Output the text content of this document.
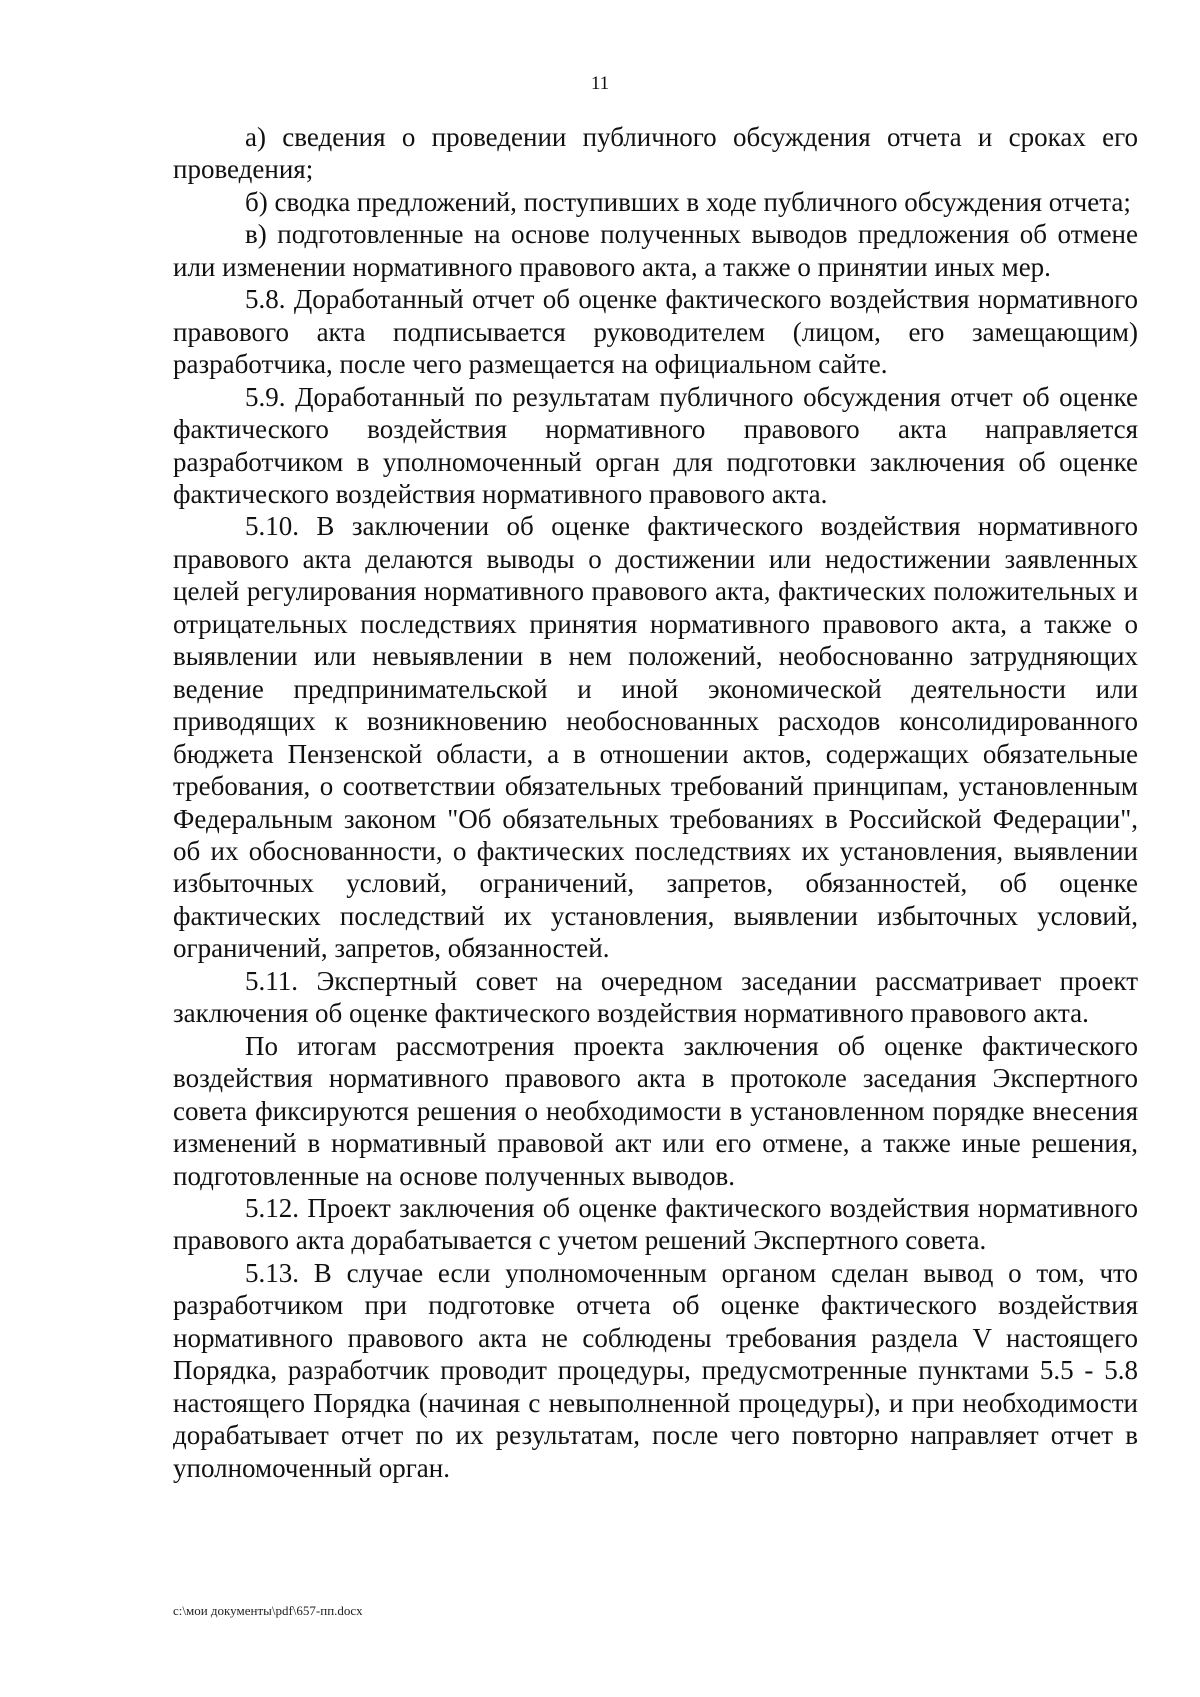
11

а) сведения о проведении публичного обсуждения отчета и сроках его проведения;

б) сводка предложений, поступивших в ходе публичного обсуждения отчета;

в) подготовленные на основе полученных выводов предложения об отмене или изменении нормативного правового акта, а также о принятии иных мер.

5.8. Доработанный отчет об оценке фактического воздействия нормативного правового акта подписывается руководителем (лицом, его замещающим) разработчика, после чего размещается на официальном сайте.

5.9. Доработанный по результатам публичного обсуждения отчет об оценке фактического воздействия нормативного правового акта направляется разработчиком в уполномоченный орган для подготовки заключения об оценке фактического воздействия нормативного правового акта.

5.10. В заключении об оценке фактического воздействия нормативного правового акта делаются выводы о достижении или недостижении заявленных целей регулирования нормативного правового акта, фактических положительных и отрицательных последствиях принятия нормативного правового акта, а также о выявлении или невыявлении в нем положений, необоснованно затрудняющих ведение предпринимательской и иной экономической деятельности или приводящих к возникновению необоснованных расходов консолидированного бюджета Пензенской области, а в отношении актов, содержащих обязательные требования, о соответствии обязательных требований принципам, установленным Федеральным законом "Об обязательных требованиях в Российской Федерации", об их обоснованности, о фактических последствиях их установления, выявлении избыточных условий, ограничений, запретов, обязанностей, об оценке фактических последствий их установления, выявлении избыточных условий, ограничений, запретов, обязанностей.

5.11. Экспертный совет на очередном заседании рассматривает проект заключения об оценке фактического воздействия нормативного правового акта.

По итогам рассмотрения проекта заключения об оценке фактического воздействия нормативного правового акта в протоколе заседания Экспертного совета фиксируются решения о необходимости в установленном порядке внесения изменений в нормативный правовой акт или его отмене, а также иные решения, подготовленные на основе полученных выводов.

5.12. Проект заключения об оценке фактического воздействия нормативного правового акта дорабатывается с учетом решений Экспертного совета.

5.13. В случае если уполномоченным органом сделан вывод о том, что разработчиком при подготовке отчета об оценке фактического воздействия нормативного правового акта не соблюдены требования раздела V настоящего Порядка, разработчик проводит процедуры, предусмотренные пунктами 5.5 - 5.8 настоящего Порядка (начиная с невыполненной процедуры), и при необходимости дорабатывает отчет по их результатам, после чего повторно направляет отчет в уполномоченный орган.

c:\мои документы\pdf\657-пп.docx
